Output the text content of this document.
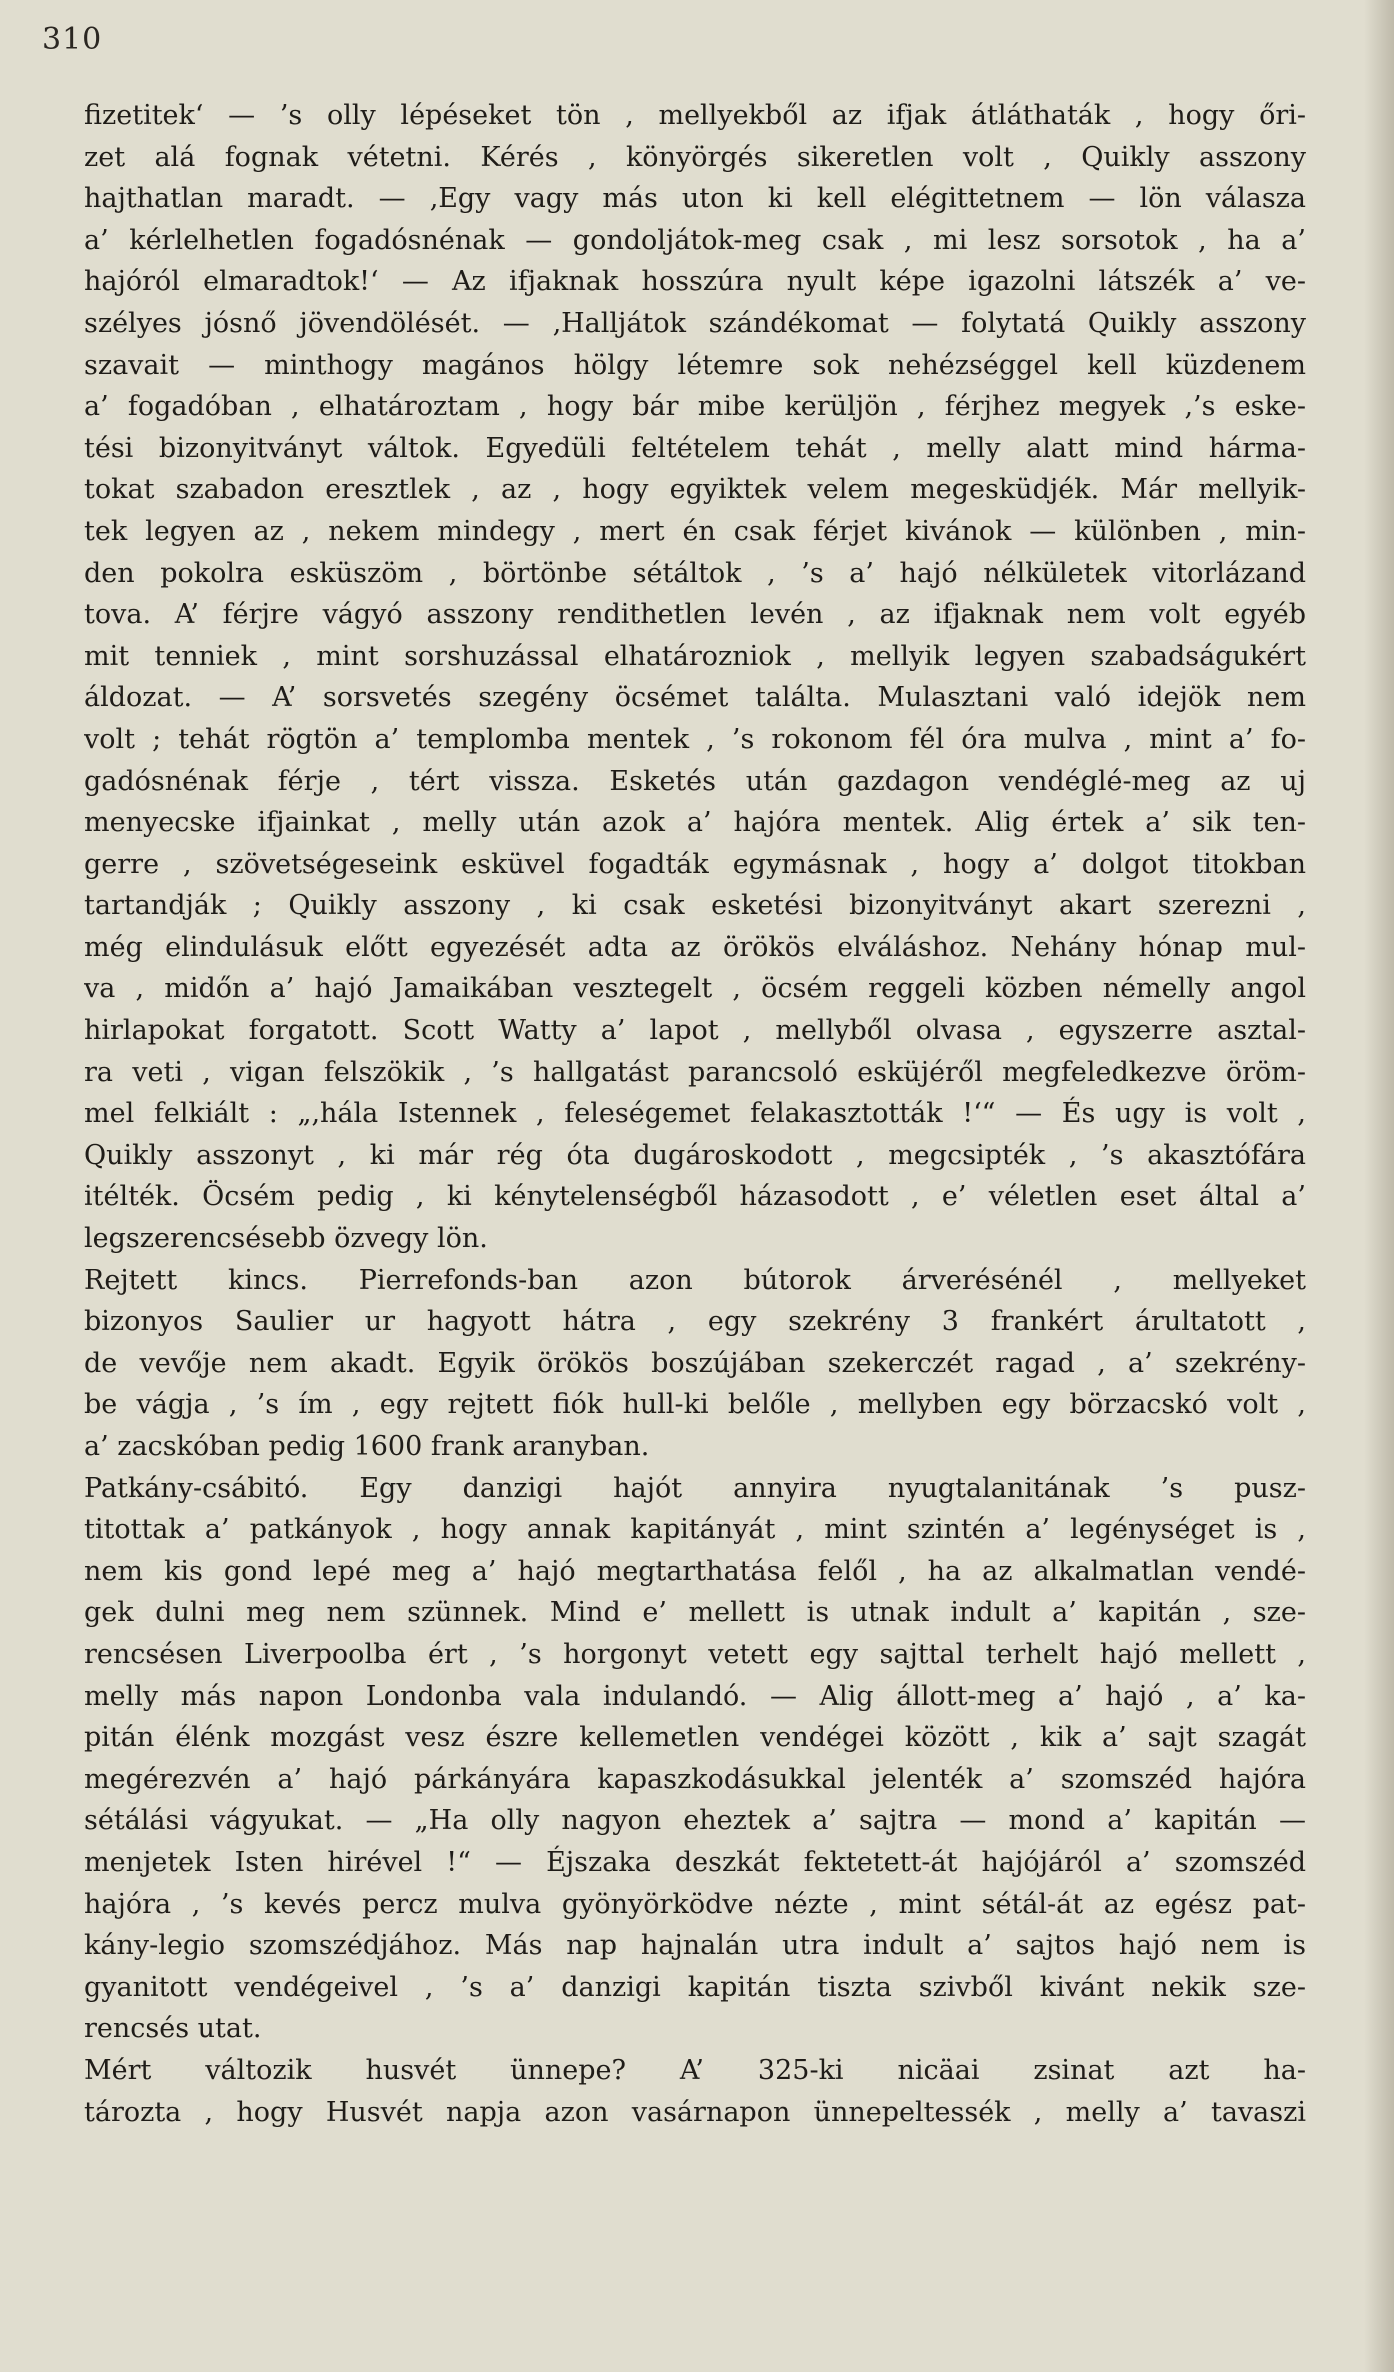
310
fizetitek‘ — ’s olly lépéseket tön , mellyekből az ifjak átláthaták , hogy őri-
zet alá fognak vétetni. Kérés , könyörgés sikeretlen volt , Quikly asszony
hajthatlan maradt. — ‚Egy vagy más uton ki kell elégittetnem — lön válasza
a’ kérlelhetlen fogadósnénak — gondoljátok-meg csak , mi lesz sorsotok , ha a’
hajóról elmaradtok!‘ — Az ifjaknak hosszúra nyult képe igazolni látszék a’ ve-
szélyes jósnő jövendölését. — ‚Halljátok szándékomat — folytatá Quikly asszony
szavait — minthogy magános hölgy létemre sok nehézséggel kell küzdenem
a’ fogadóban , elhatároztam , hogy bár mibe kerüljön , férjhez megyek ,’s eske-
tési bizonyitványt váltok. Egyedüli feltételem tehát , melly alatt mind hárma-
tokat szabadon eresztlek , az , hogy egyiktek velem megesküdjék. Már mellyik-
tek legyen az , nekem mindegy , mert én csak férjet kivánok — különben , min-
den pokolra esküszöm , börtönbe sétáltok , ’s a’ hajó nélkületek vitorlázand
tova. A’ férjre vágyó asszony rendithetlen levén , az ifjaknak nem volt egyéb
mit tenniek , mint sorshuzással elhatározniok , mellyik legyen szabadságukért
áldozat. — A’ sorsvetés szegény öcsémet találta. Mulasztani való idejök nem
volt ; tehát rögtön a’ templomba mentek , ’s rokonom fél óra mulva , mint a’ fo-
gadósnénak férje , tért vissza. Esketés után gazdagon vendéglé-meg az uj
menyecske ifjainkat , melly után azok a’ hajóra mentek. Alig értek a’ sik ten-
gerre , szövetségeseink esküvel fogadták egymásnak , hogy a’ dolgot titokban
tartandják ; Quikly asszony , ki csak esketési bizonyitványt akart szerezni ,
még elindulásuk előtt egyezését adta az örökös elváláshoz. Nehány hónap mul-
va , midőn a’ hajó Jamaikában vesztegelt , öcsém reggeli közben némelly angol
hirlapokat forgatott. Scott Watty a’ lapot , mellyből olvasa , egyszerre asztal-
ra veti , vigan felszökik , ’s hallgatást parancsoló esküjéről megfeledkezve öröm-
mel felkiált : „,hála Istennek , feleségemet felakasztották !‘“ — És ugy is volt ,
Quikly asszonyt , ki már rég óta dugároskodott , megcsipték , ’s akasztófára
itélték. Öcsém pedig , ki kénytelenségből házasodott , e’ véletlen eset által a’
legszerencsésebb özvegy lön.
Rejtett kincs. Pierrefonds-ban azon bútorok árverésénél , mellyeket
bizonyos Saulier ur hagyott hátra , egy szekrény 3 frankért árultatott ,
de vevője nem akadt. Egyik örökös boszújában szekerczét ragad , a’ szekrény-
be vágja , ’s ím , egy rejtett fiók hull-ki belőle , mellyben egy börzacskó volt ,
a’ zacskóban pedig 1600 frank aranyban.
Patkány-csábitó. Egy danzigi hajót annyira nyugtalanitának ’s pusz-
titottak a’ patkányok , hogy annak kapitányát , mint szintén a’ legénységet is ,
nem kis gond lepé meg a’ hajó megtarthatása felől , ha az alkalmatlan vendé-
gek dulni meg nem szünnek. Mind e’ mellett is utnak indult a’ kapitán , sze-
rencsésen Liverpoolba ért , ’s horgonyt vetett egy sajttal terhelt hajó mellett ,
melly más napon Londonba vala indulandó. — Alig állott-meg a’ hajó , a’ ka-
pitán élénk mozgást vesz észre kellemetlen vendégei között , kik a’ sajt szagát
megérezvén a’ hajó párkányára kapaszkodásukkal jelenték a’ szomszéd hajóra
sétálási vágyukat. — „Ha olly nagyon eheztek a’ sajtra — mond a’ kapitán —
menjetek Isten hirével !“ — Éjszaka deszkát fektetett-át hajójáról a’ szomszéd
hajóra , ’s kevés percz mulva gyönyörködve nézte , mint sétál-át az egész pat-
kány-legio szomszédjához. Más nap hajnalán utra indult a’ sajtos hajó nem is
gyanitott vendégeivel , ’s a’ danzigi kapitán tiszta szivből kivánt nekik sze-
rencsés utat.
Mért változik husvét ünnepe? A’ 325-ki nicäai zsinat azt ha-
tározta , hogy Husvét napja azon vasárnapon ünnepeltessék , melly a’ tavaszi
